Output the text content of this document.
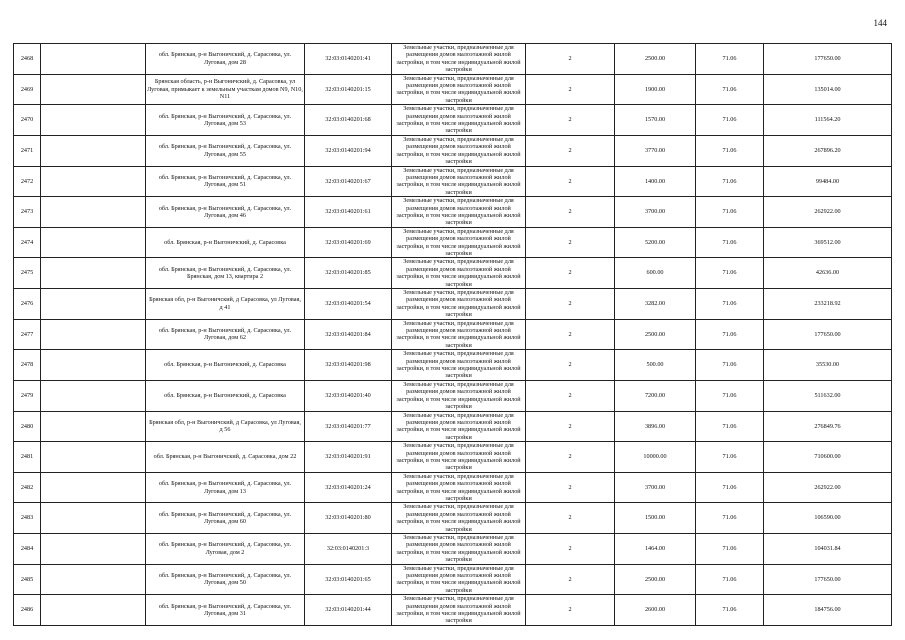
144
2468		обл. Брянская, р-н Выгоничский, д. Сарасовка, ул. Луговая, дом 28	32:03:0140201:41	Земельные участки, предназначенные для размещения домов малоэтажной жилой застройки, в том числе индивидуальной жилой застройки	2	2500.00	71.06	177650.00
2469		Брянская область, р-н Выгоничский, д. Сарасовка, ул Луговая, примыкает к земельным участкам домов N9, N10, N11	32:03:0140201:15	Земельные участки, предназначенные для размещения домов малоэтажной жилой застройки, в том числе индивидуальной жилой застройки	2	1900.00	71.06	135014.00
2470		обл. Брянская, р-н Выгоничский, д. Сарасовка, ул. Луговая, дом 53	32:03:0140201:68	Земельные участки, предназначенные для размещения домов малоэтажной жилой застройки, в том числе индивидуальной жилой застройки	2	1570.00	71.06	111564.20
2471		обл. Брянская, р-н Выгоничский, д. Сарасовка, ул. Луговая, дом 55	32:03:0140201:94	Земельные участки, предназначенные для размещения домов малоэтажной жилой застройки, в том числе индивидуальной жилой застройки	2	3770.00	71.06	267896.20
2472		обл. Брянская, р-н Выгоничский, д. Сарасовка, ул. Луговая, дом 51	32:03:0140201:67	Земельные участки, предназначенные для размещения домов малоэтажной жилой застройки, в том числе индивидуальной жилой застройки	2	1400.00	71.06	99484.00
2473		обл. Брянская, р-н Выгоничский, д. Сарасовка, ул. Луговая, дом 46	32:03:0140201:61	Земельные участки, предназначенные для размещения домов малоэтажной жилой застройки, в том числе индивидуальной жилой застройки	2	3700.00	71.06	262922.00
2474		обл. Брянская, р-н Выгоничский, д. Сарасовка	32:03:0140201:69	Земельные участки, предназначенные для размещения домов малоэтажной жилой застройки, в том числе индивидуальной жилой застройки	2	5200.00	71.06	369512.00
2475		обл. Брянская, р-н Выгоничский, д. Сарасовка, ул. Брянская, дом 13, квартира 2	32:03:0140201:85	Земельные участки, предназначенные для размещения домов малоэтажной жилой застройки, в том числе индивидуальной жилой застройки	2	600.00	71.06	42636.00
2476		Брянская обл, р-н Выгоничский, д Сарасовка, ул Луговая, д 41	32:03:0140201:54	Земельные участки, предназначенные для размещения домов малоэтажной жилой застройки, в том числе индивидуальной жилой застройки	2	3282.00	71.06	233218.92
2477		обл. Брянская, р-н Выгоничский, д. Сарасовка, ул. Луговая, дом 62	32:03:0140201:84	Земельные участки, предназначенные для размещения домов малоэтажной жилой застройки, в том числе индивидуальной жилой застройки	2	2500.00	71.06	177650.00
2478		обл. Брянская, р-н Выгоничский, д. Сарасовка	32:03:0140201:98	Земельные участки, предназначенные для размещения домов малоэтажной жилой застройки, в том числе индивидуальной жилой застройки	2	500.00	71.06	35530.00
2479		обл. Брянская, р-н Выгоничский, д. Сарасовка	32:03:0140201:40	Земельные участки, предназначенные для размещения домов малоэтажной жилой застройки, в том числе индивидуальной жилой застройки	2	7200.00	71.06	511632.00
2480		Брянская обл, р-н Выгоничский, д Сарасовка, ул Луговая, д 56	32:03:0140201:77	Земельные участки, предназначенные для размещения домов малоэтажной жилой застройки, в том числе индивидуальной жилой застройки	2	3896.00	71.06	276849.76
2481		обл. Брянская, р-н Выгоничский, д. Сарасовка, дом 22	32:03:0140201:91	Земельные участки, предназначенные для размещения домов малоэтажной жилой застройки, в том числе индивидуальной жилой застройки	2	10000.00	71.06	710600.00
2482		обл. Брянская, р-н Выгоничский, д. Сарасовка, ул. Луговая, дом 13	32:03:0140201:24	Земельные участки, предназначенные для размещения домов малоэтажной жилой застройки, в том числе индивидуальной жилой застройки	2	3700.00	71.06	262922.00
2483		обл. Брянская, р-н Выгоничский, д. Сарасовка, ул. Луговая, дом 60	32:03:0140201:80	Земельные участки, предназначенные для размещения домов малоэтажной жилой застройки, в том числе индивидуальной жилой застройки	2	1500.00	71.06	106590.00
2484		обл. Брянская, р-н Выгоничский, д. Сарасовка, ул. Луговая, дом 2	32:03:0140201:3	Земельные участки, предназначенные для размещения домов малоэтажной жилой застройки, в том числе индивидуальной жилой застройки	2	1464.00	71.06	104031.84
2485		обл. Брянская, р-н Выгоничский, д. Сарасовка, ул. Луговая, дом 50	32:03:0140201:65	Земельные участки, предназначенные для размещения домов малоэтажной жилой застройки, в том числе индивидуальной жилой застройки	2	2500.00	71.06	177650.00
2486		обл. Брянская, р-н Выгоничский, д. Сарасовка, ул. Луговая, дом 31	32:03:0140201:44	Земельные участки, предназначенные для размещения домов малоэтажной жилой застройки, в том числе индивидуальной жилой застройки	2	2600.00	71.06	184756.00
